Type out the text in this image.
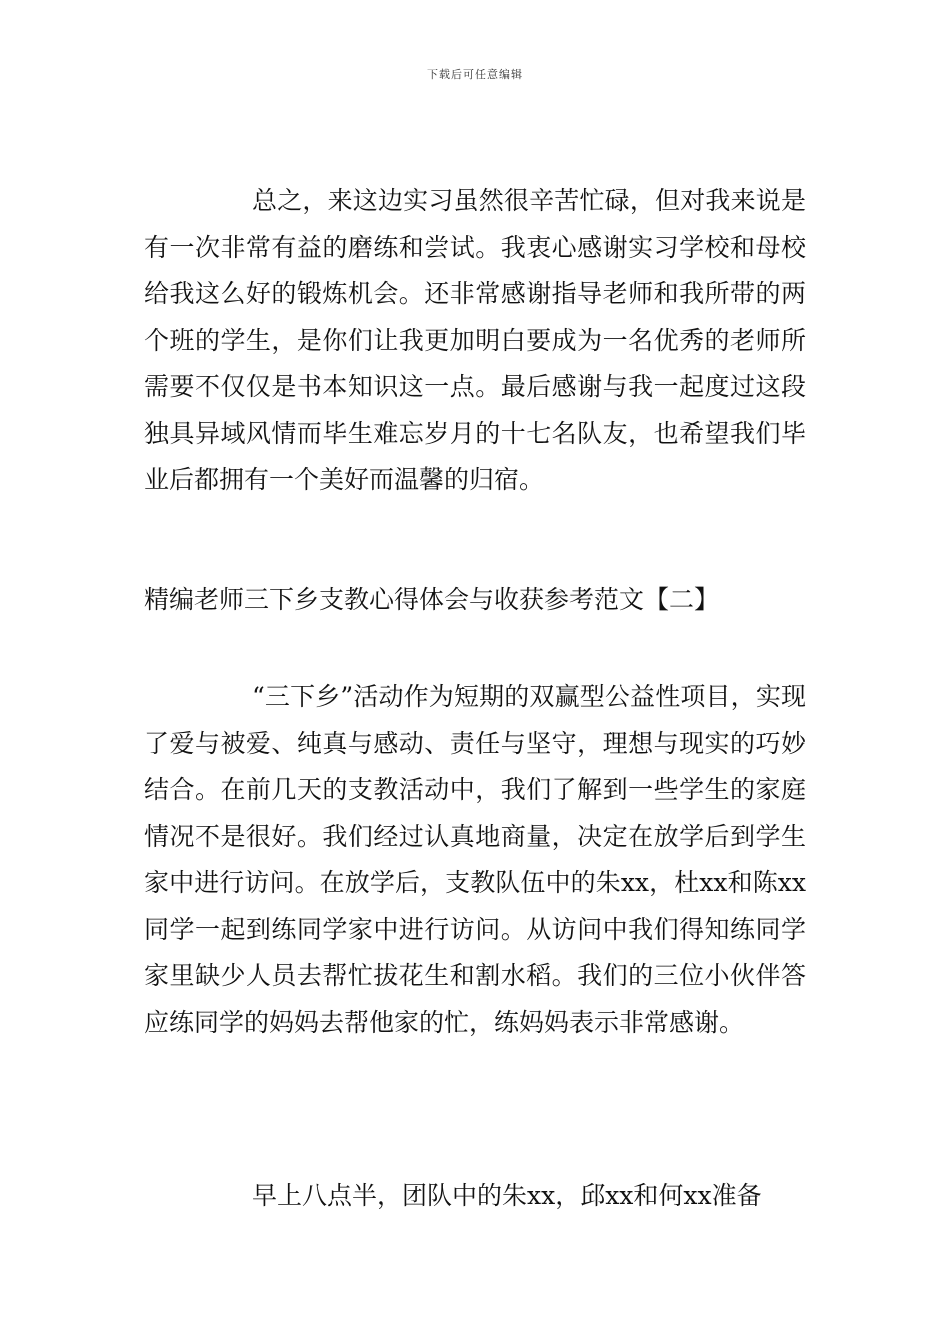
下载后可任意编辑

总之，来这边实习虽然很辛苦忙碌，但对我来说是有一次非常有益的磨练和尝试。我衷心感谢实习学校和母校给我这么好的锻炼机会。还非常感谢指导老师和我所带的两个班的学生，是你们让我更加明白要成为一名优秀的老师所需要不仅仅是书本知识这一点。最后感谢与我一起度过这段独具异域风情而毕生难忘岁月的十七名队友，也希望我们毕业后都拥有一个美好而温馨的归宿。

精编老师三下乡支教心得体会与收获参考范文【二】

“三下乡”活动作为短期的双赢型公益性项目，实现了爱与被爱、纯真与感动、责任与坚守，理想与现实的巧妙结合。在前几天的支教活动中，我们了解到一些学生的家庭情况不是很好。我们经过认真地商量，决定在放学后到学生家中进行访问。在放学后，支教队伍中的朱xx，杜xx和陈xx同学一起到练同学家中进行访问。从访问中我们得知练同学家里缺少人员去帮忙拔花生和割水稻。我们的三位小伙伴答应练同学的妈妈去帮他家的忙，练妈妈表示非常感谢。

早上八点半，团队中的朱xx，邱xx和何xx准备
